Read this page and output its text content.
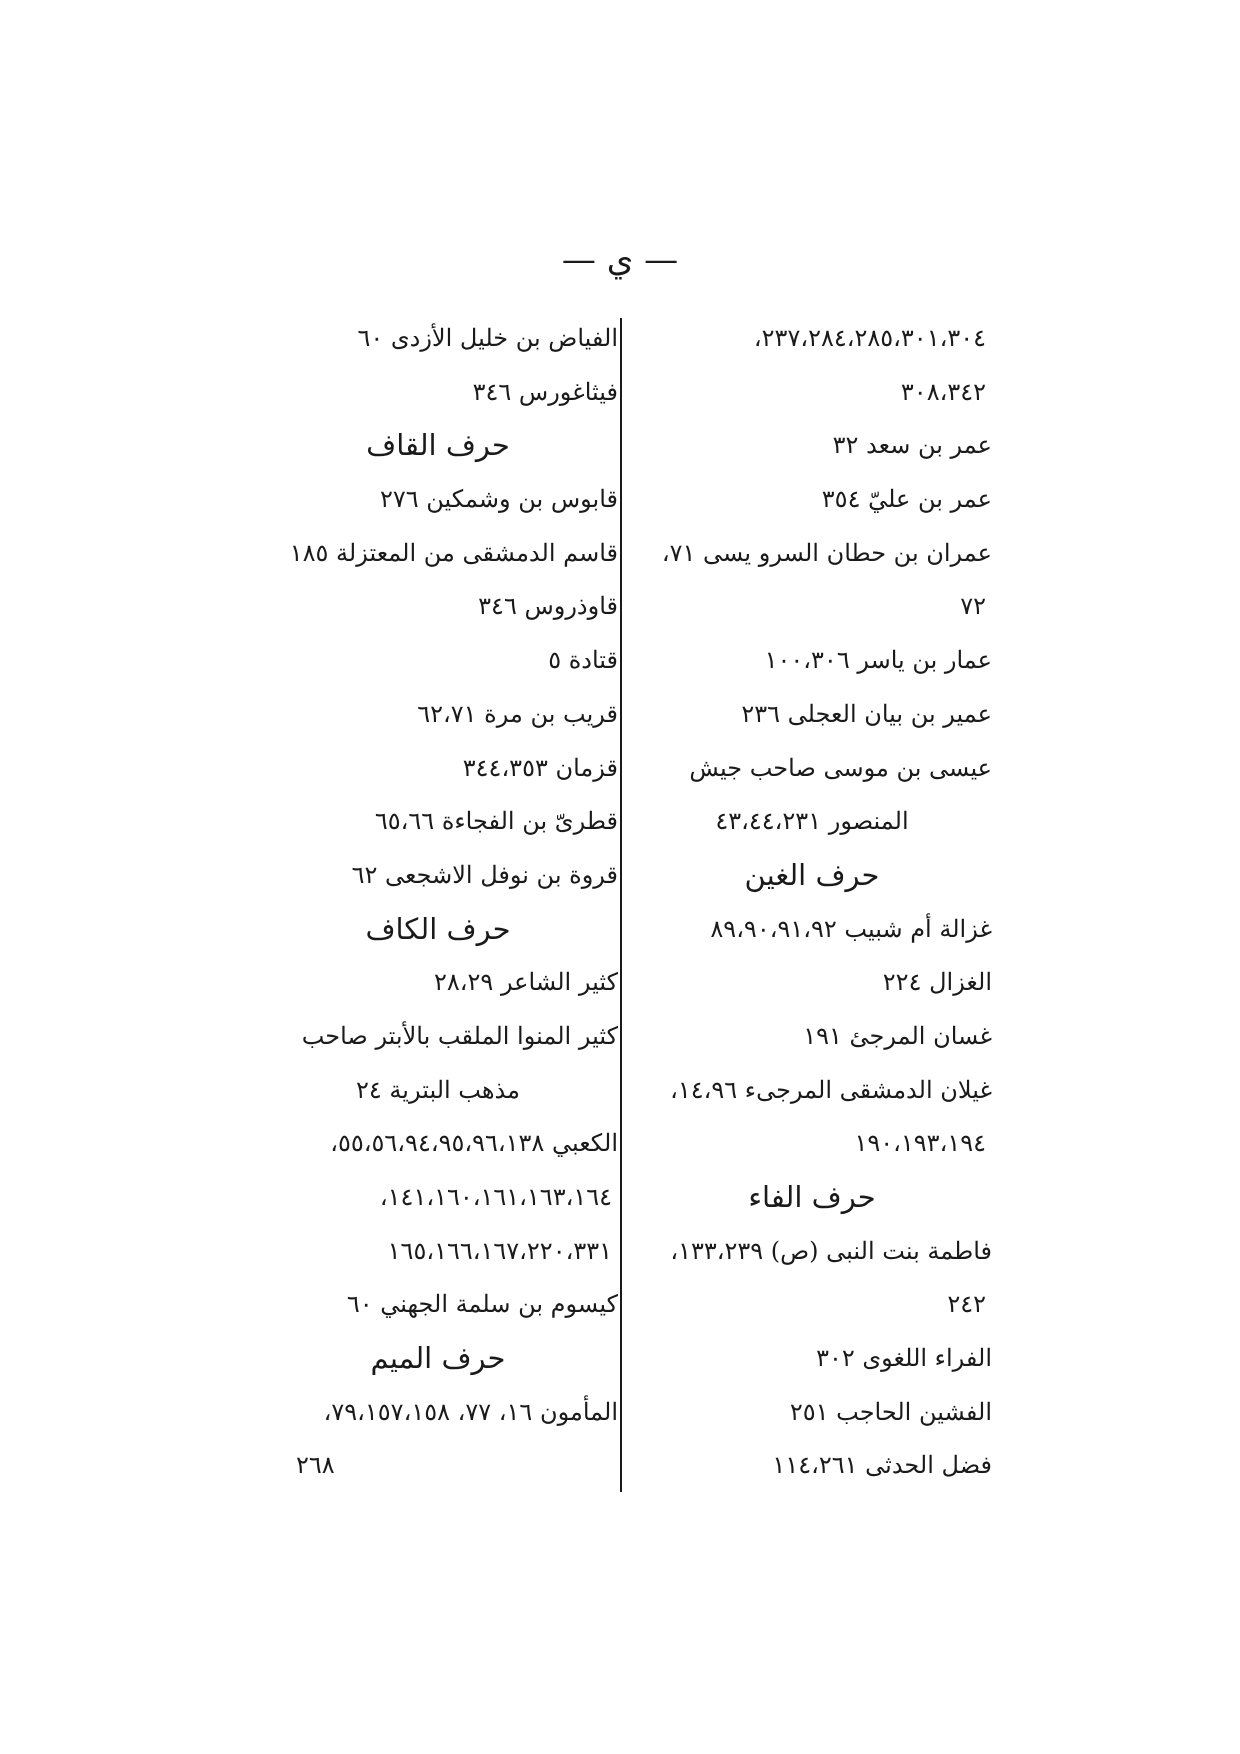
— ي —
٢٣٧،٢٨٤،٢٨٥،٣٠١،٣٠٤،
٣٠٨،٣٤٢
عمر بن سعد ٣٢
عمر بن عليّ ٣٥٤
عمران بن حطان السرو يسى ٧١،
٧٢
عمار بن ياسر ١٠٠،٣٠٦
عمير بن بيان العجلى ٢٣٦
عيسى بن موسى صاحب جيش
المنصور ٤٣،٤٤،٢٣١
حرف الغين
غزالة أم شبيب ٨٩،٩٠،٩١،٩٢
الغزال ٢٢٤
غسان المرجئ ١٩١
غيلان الدمشقى المرجىء ١٤،٩٦،
١٩٠،١٩٣،١٩٤
حرف الفاء
فاطمة بنت النبى (ص) ١٣٣،٢٣٩،
٢٤٢
الفراء اللغوى ٣٠٢
الفشين الحاجب ٢٥١
فضل الحدثى ١١٤،٢٦١
الفياض بن خليل الأزدى ٦٠
فيثاغورس ٣٤٦
حرف القاف
قابوس بن وشمكين ٢٧٦
قاسم الدمشقى من المعتزلة ١٨٥
قاوذروس ٣٤٦
قتادة ٥
قريب بن مرة ٦٢،٧١
قزمان ٣٤٤،٣٥٣
قطرىّ بن الفجاءة ٦٥،٦٦
قروة بن نوفل الاشجعى ٦٢
حرف الكاف
كثير الشاعر ٢٨،٢٩
كثير المنوا الملقب بالأبتر صاحب
مذهب البترية ٢٤
الكعبي ٥٥،٥٦،٩٤،٩٥،٩٦،١٣٨،
١٤١،١٦٠،١٦١،١٦٣،١٦٤،
١٦٥،١٦٦،١٦٧،٢٢٠،٣٣١
كيسوم بن سلمة الجهني ٦٠
حرف الميم
المأمون ١٦، ٧٧، ٧٩،١٥٧،١٥٨،
٢٦٨
